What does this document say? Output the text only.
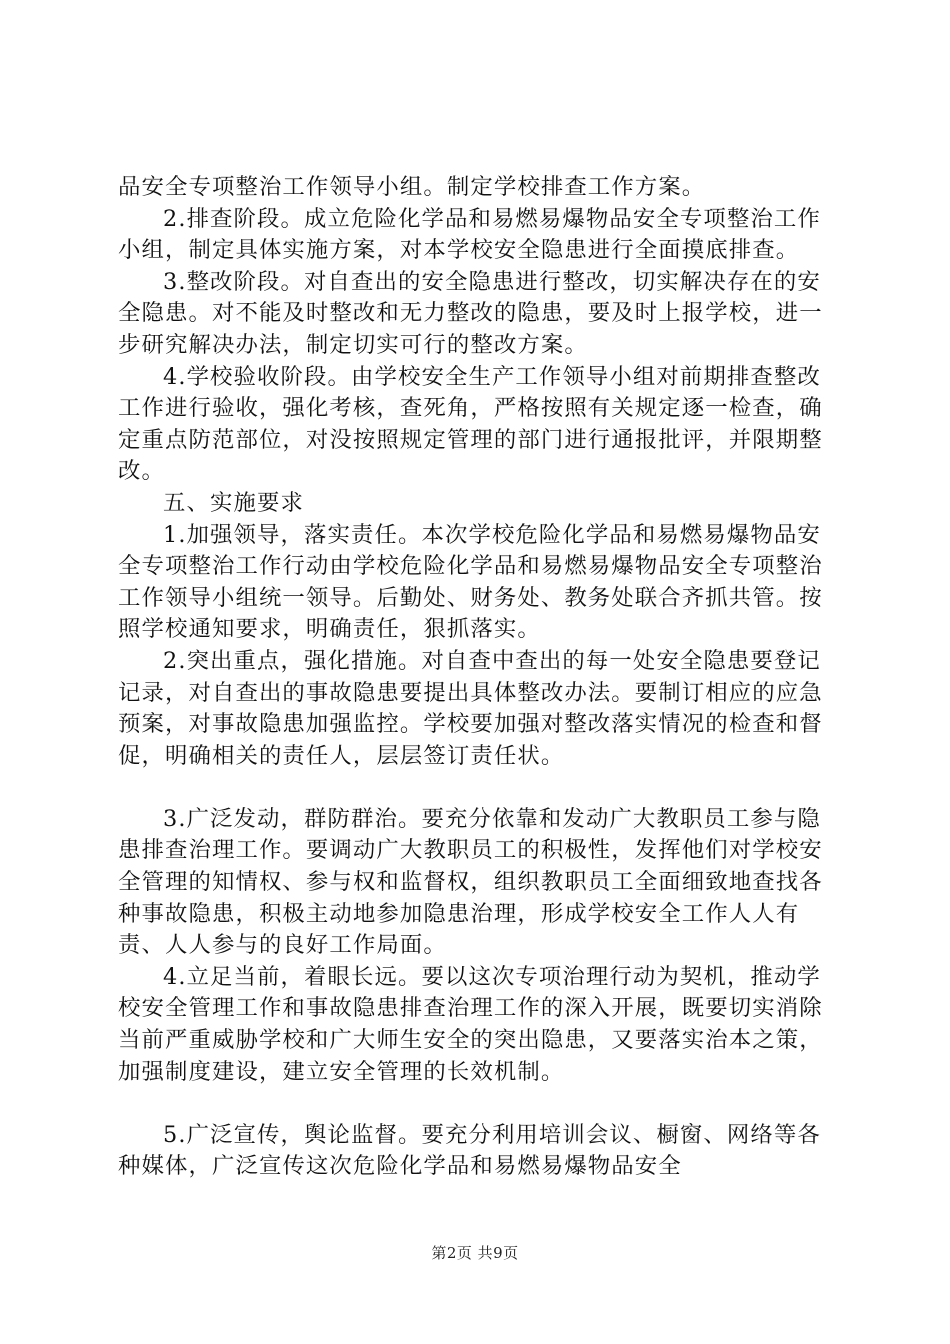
品安全专项整治工作领导小组。制定学校排查工作方案。

2.排查阶段。成立危险化学品和易燃易爆物品安全专项整治工作小组，制定具体实施方案，对本学校安全隐患进行全面摸底排查。

3.整改阶段。对自查出的安全隐患进行整改，切实解决存在的安全隐患。对不能及时整改和无力整改的隐患，要及时上报学校，进一步研究解决办法，制定切实可行的整改方案。

4.学校验收阶段。由学校安全生产工作领导小组对前期排查整改工作进行验收，强化考核，查死角，严格按照有关规定逐一检查，确定重点防范部位，对没按照规定管理的部门进行通报批评，并限期整改。

五、实施要求

1.加强领导，落实责任。本次学校危险化学品和易燃易爆物品安全专项整治工作行动由学校危险化学品和易燃易爆物品安全专项整治工作领导小组统一领导。后勤处、财务处、教务处联合齐抓共管。按照学校通知要求，明确责任，狠抓落实。

2.突出重点，强化措施。对自查中查出的每一处安全隐患要登记记录，对自查出的事故隐患要提出具体整改办法。要制订相应的应急预案，对事故隐患加强监控。学校要加强对整改落实情况的检查和督促，明确相关的责任人，层层签订责任状。

3.广泛发动，群防群治。要充分依靠和发动广大教职员工参与隐患排查治理工作。要调动广大教职员工的积极性，发挥他们对学校安全管理的知情权、参与权和监督权，组织教职员工全面细致地查找各种事故隐患，积极主动地参加隐患治理，形成学校安全工作人人有责、人人参与的良好工作局面。

4.立足当前，着眼长远。要以这次专项治理行动为契机，推动学校安全管理工作和事故隐患排查治理工作的深入开展，既要切实消除当前严重威胁学校和广大师生安全的突出隐患，又要落实治本之策，加强制度建设，建立安全管理的长效机制。

5.广泛宣传，舆论监督。要充分利用培训会议、橱窗、网络等各种媒体，广泛宣传这次危险化学品和易燃易爆物品安全

第2页 共9页
